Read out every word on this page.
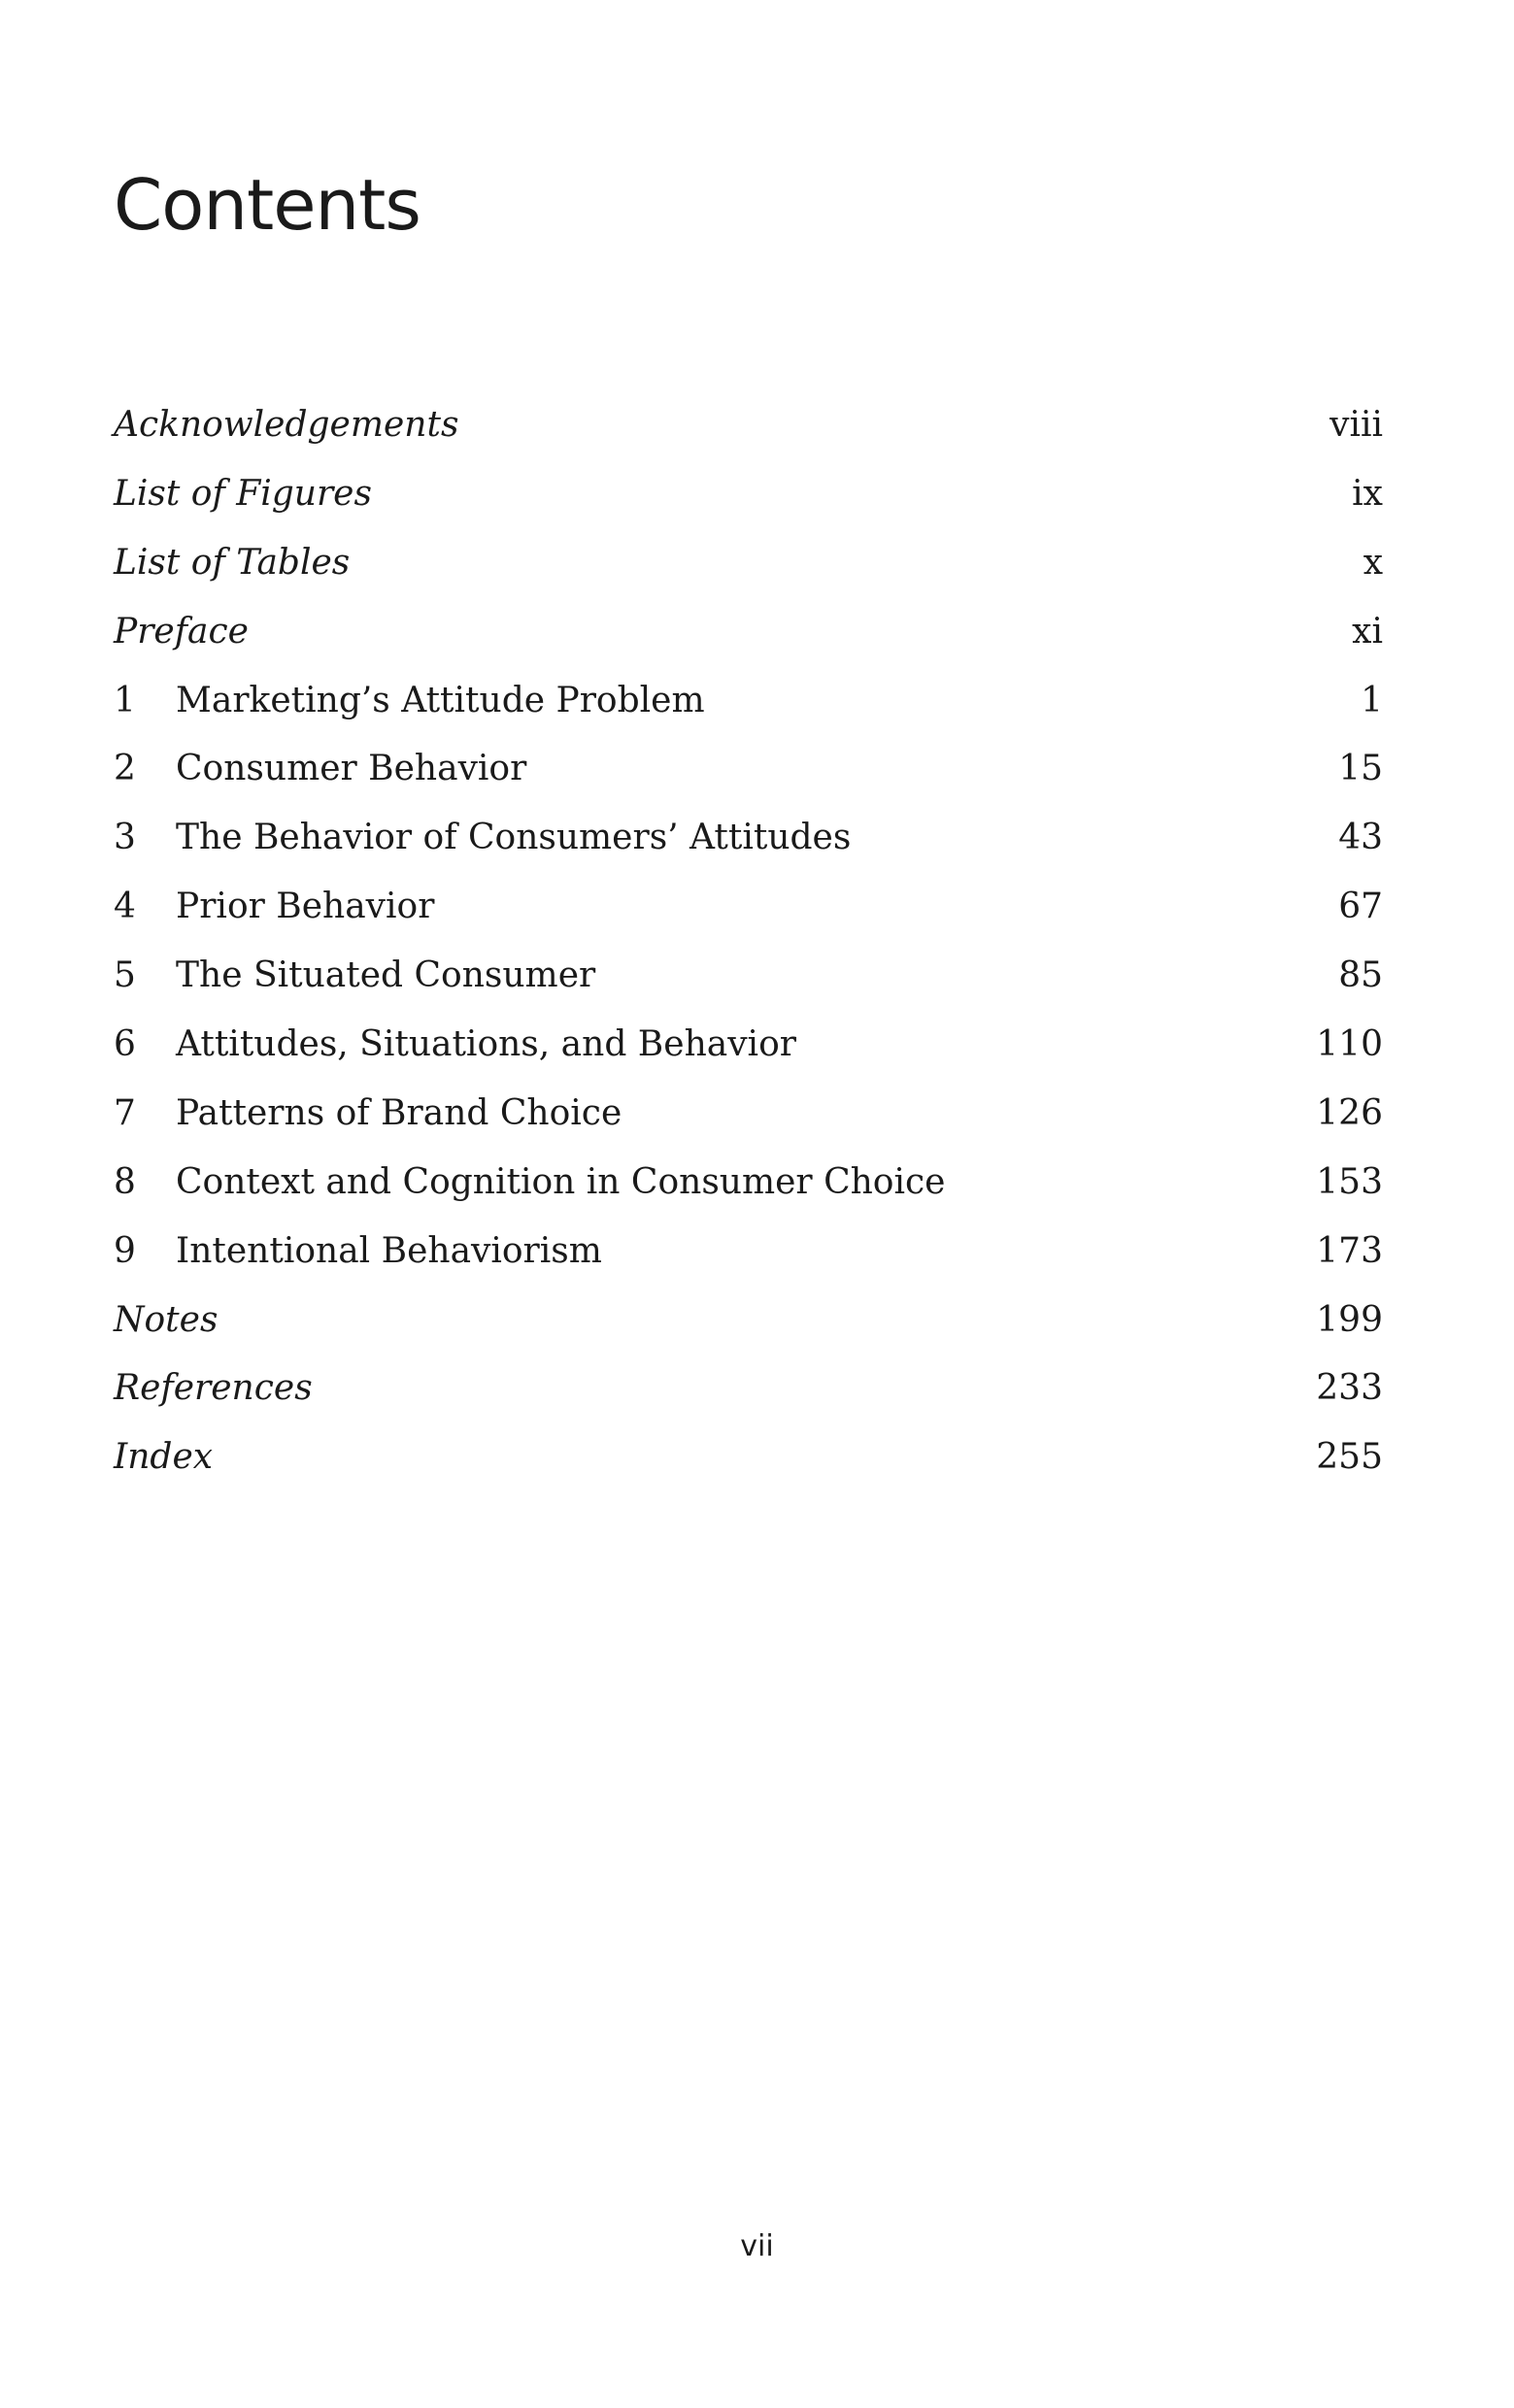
Contents
Acknowledgements	viii
List of Figures	ix
List of Tables	x
Preface	xi
1	Marketing’s Attitude Problem	1
2	Consumer Behavior	15
3	The Behavior of Consumers’ Attitudes	43
4	Prior Behavior	67
5	The Situated Consumer	85
6	Attitudes, Situations, and Behavior	110
7	Patterns of Brand Choice	126
8	Context and Cognition in Consumer Choice	153
9	Intentional Behaviorism	173
Notes	199
References	233
Index	255
vii
